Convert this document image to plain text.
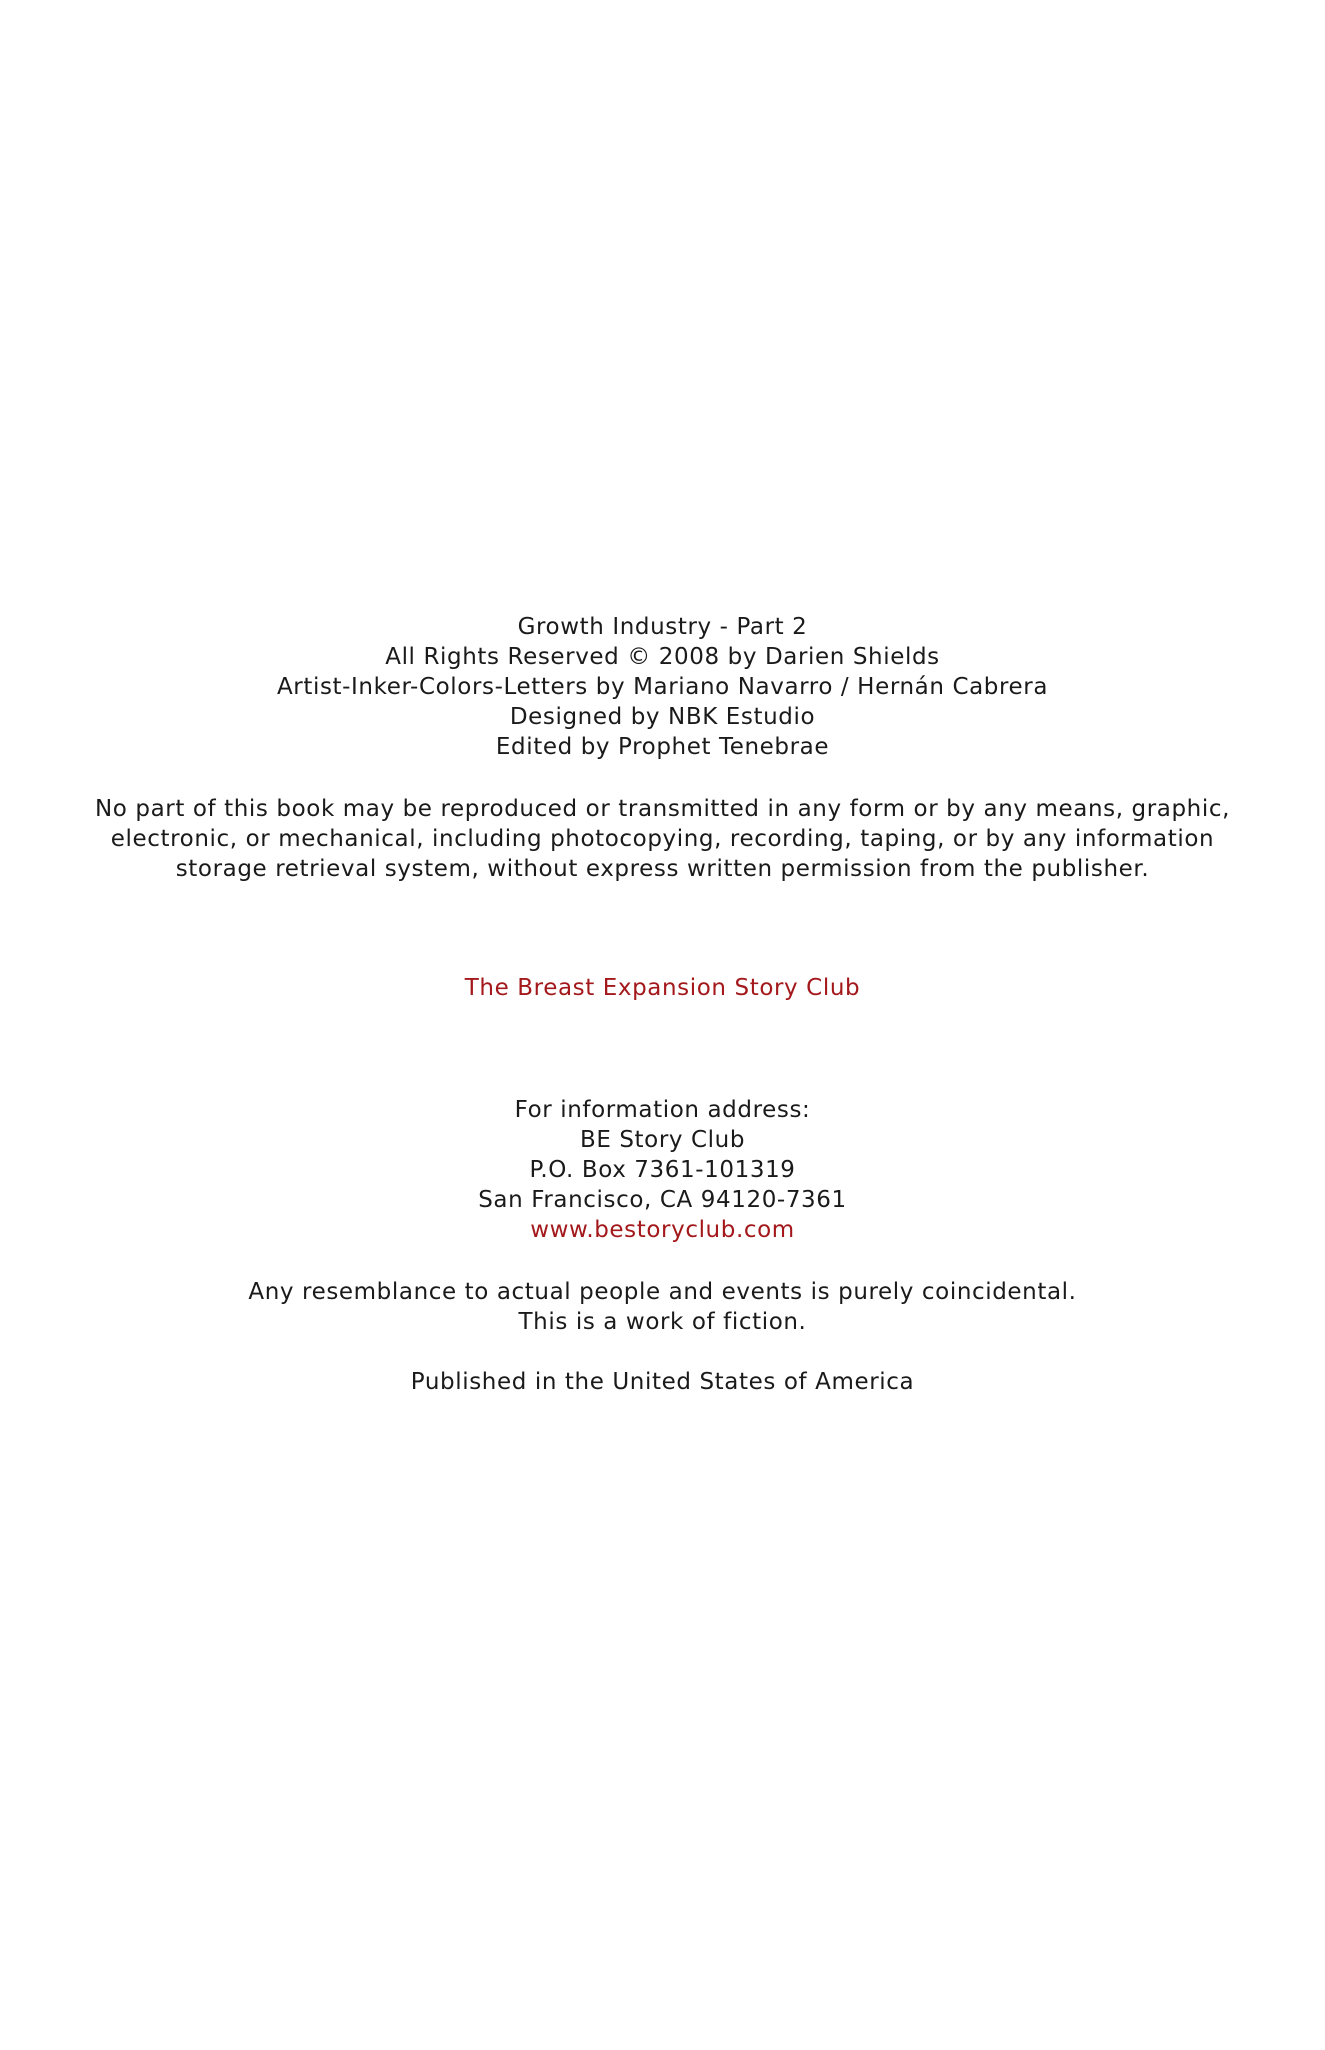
Growth Industry - Part 2
All Rights Reserved © 2008 by Darien Shields
Artist-Inker-Colors-Letters by Mariano Navarro / Hernán Cabrera
Designed by NBK Estudio
Edited by Prophet Tenebrae
No part of this book may be reproduced or transmitted in any form or by any means, graphic,
electronic, or mechanical, including photocopying, recording, taping, or by any information
storage retrieval system, without express written permission from the publisher.
The Breast Expansion Story Club
For information address:
BE Story Club
P.O. Box 7361-101319
San Francisco, CA 94120-7361
www.bestoryclub.com
Any resemblance to actual people and events is purely coincidental.
This is a work of fiction.
Published in the United States of America
